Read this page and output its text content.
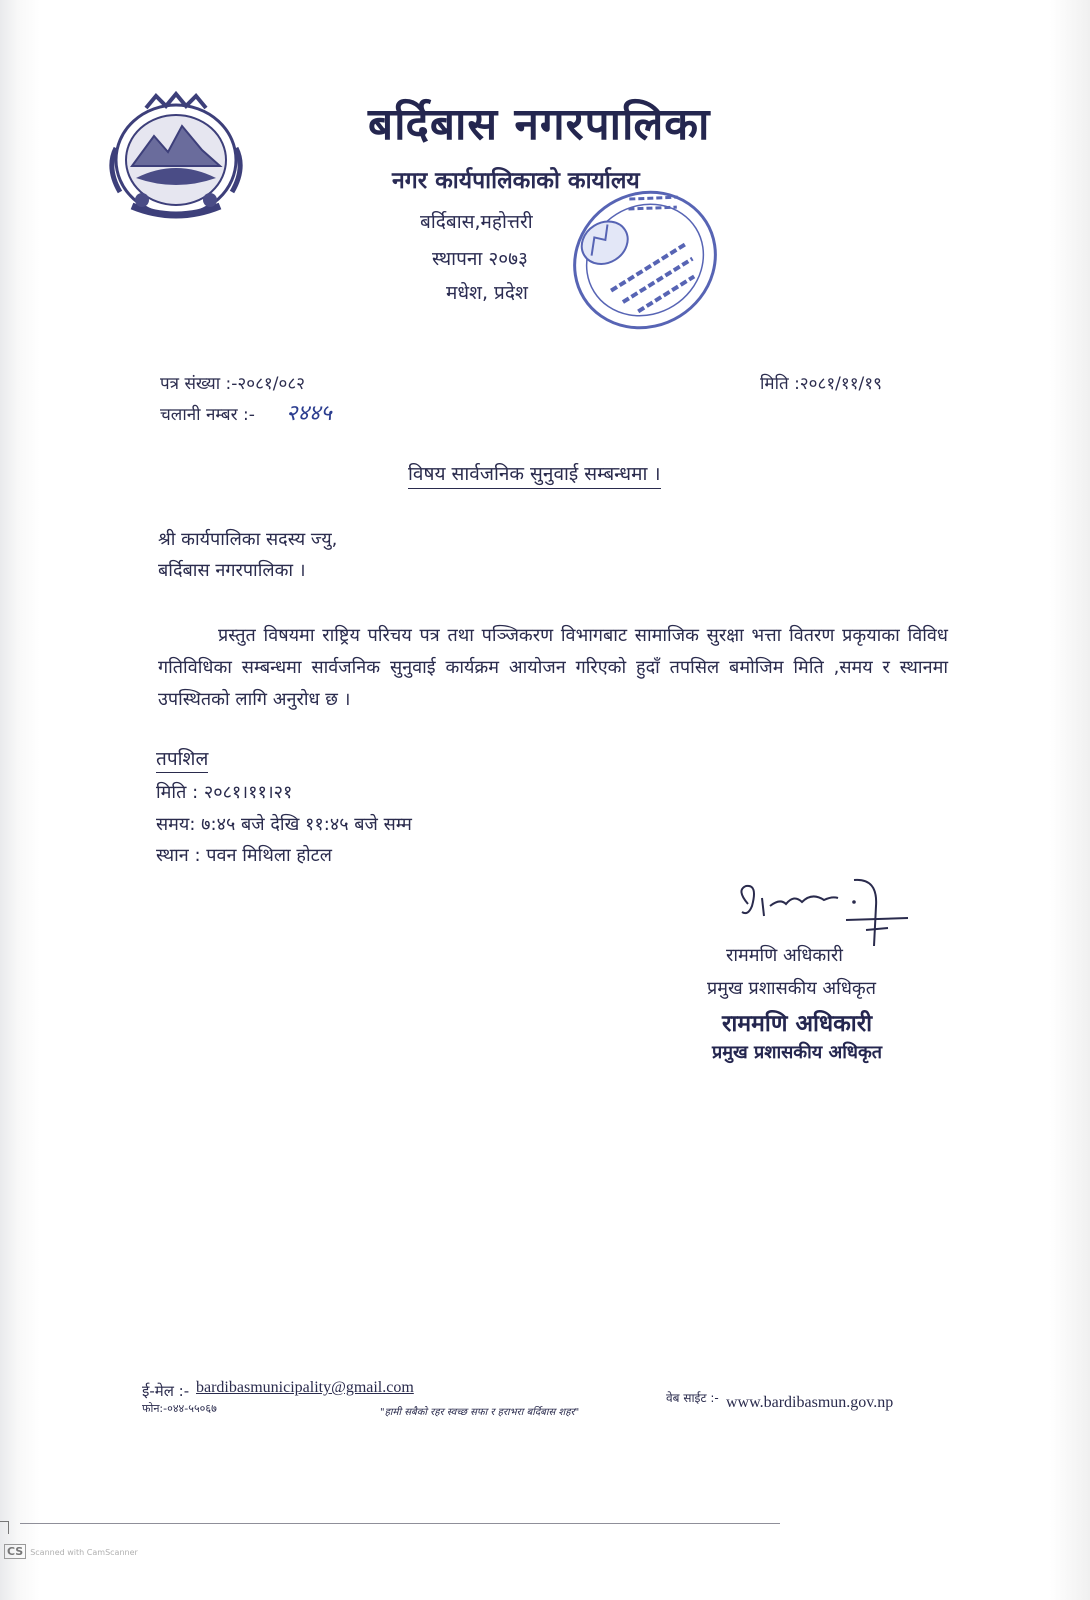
बर्दिबास नगरपालिका
नगर कार्यपालिकाको कार्यालय
बर्दिबास,महोत्तरी
स्थापना २०७३
मधेश, प्रदेश
पत्र संख्या :-२०८१/०८२
चलानी नम्बर :- २४४५
मिति :२०८१/११/१९
विषय सार्वजनिक सुनुवाई सम्बन्धमा ।
श्री कार्यपालिका सदस्य ज्यु,
बर्दिबास नगरपालिका ।
प्रस्तुत विषयमा राष्ट्रिय परिचय पत्र तथा पञ्जिकरण विभागबाट सामाजिक सुरक्षा भत्ता वितरण प्रकृयाका विविध गतिविधिका सम्बन्धमा सार्वजनिक सुनुवाई कार्यक्रम आयोजन गरिएको हुदाँ तपसिल बमोजिम मिति ,समय र स्थानमा उपस्थितको लागि अनुरोध छ ।
तपशिल
मिति : २०८१।११।२१
समय: ७:४५ बजे देखि ११:४५ बजे सम्म
स्थान : पवन मिथिला होटल
राममणि अधिकारी
प्रमुख प्रशासकीय अधिकृत
राममणि अधिकारी
प्रमुख प्रशासकीय अधिकृत
ई-मेल :- bardibasmunicipality@gmail.com
फोन:-०४४-५५०६७	"हामी सबैको रहर स्वच्छ सफा र हराभरा बर्दिबास शहर"
वेब साईट :- www.bardibasmun.gov.np
CS Scanned with CamScanner
